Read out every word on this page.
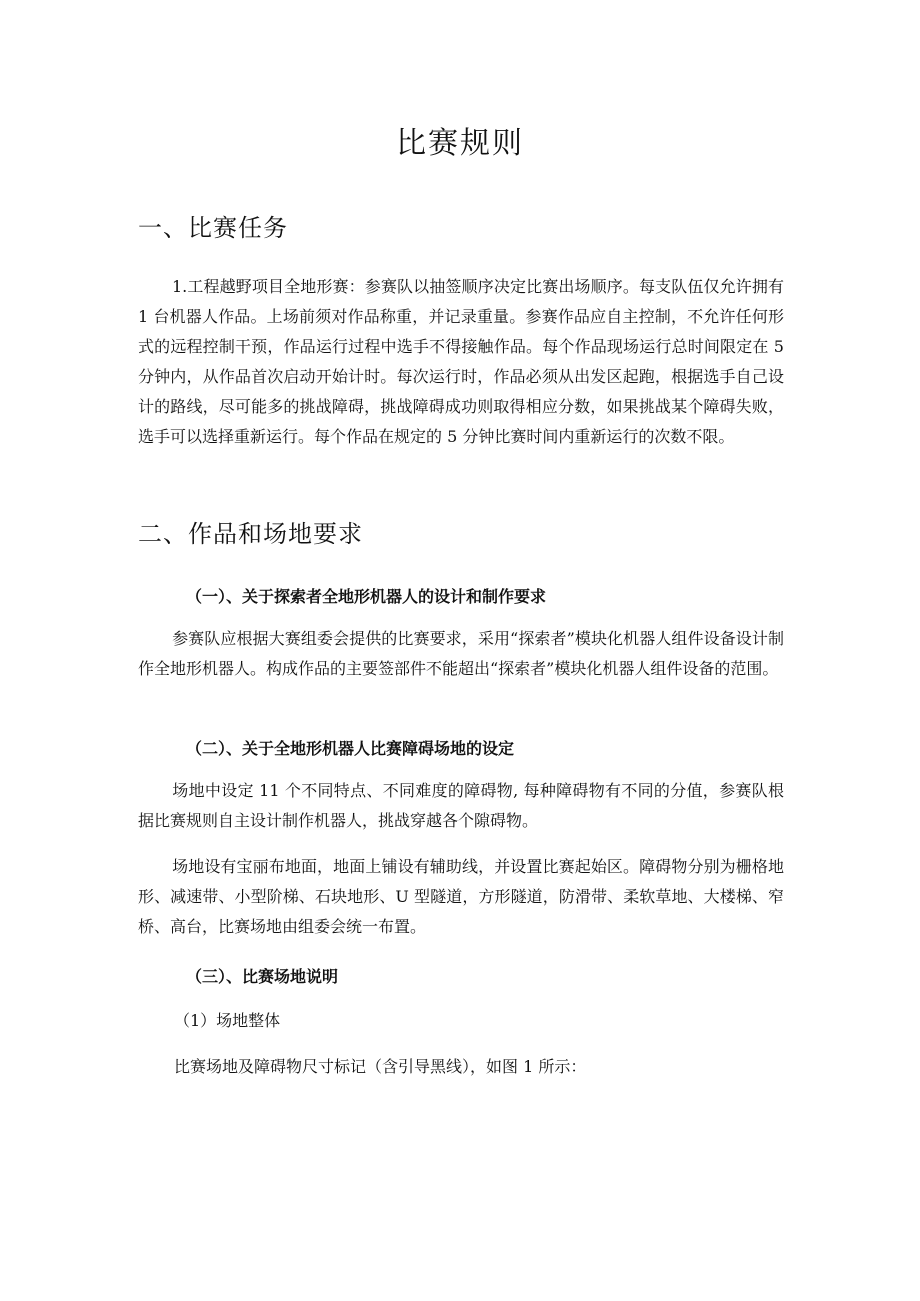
比赛规则
一、比赛任务
1.工程越野项目全地形赛：参赛队以抽签顺序决定比赛出场顺序。每支队伍仅允许拥有 1 台机器人作品。上场前须对作品称重，并记录重量。参赛作品应自主控制，不允许任何形式的远程控制干预，作品运行过程中选手不得接触作品。每个作品现场运行总时间限定在 5 分钟内，从作品首次启动开始计时。每次运行时，作品必须从出发区起跑，根据选手自己设计的路线，尽可能多的挑战障碍，挑战障碍成功则取得相应分数，如果挑战某个障碍失败，选手可以选择重新运行。每个作品在规定的 5 分钟比赛时间内重新运行的次数不限。
二、作品和场地要求
（一）、关于探索者全地形机器人的设计和制作要求
参赛队应根据大赛组委会提供的比赛要求，采用“探索者”模块化机器人组件设备设计制作全地形机器人。构成作品的主要签部件不能超出“探索者”模块化机器人组件设备的范围。
（二）、关于全地形机器人比赛障碍场地的设定
场地中设定 11 个不同特点、不同难度的障碍物, 每种障碍物有不同的分值，参赛队根据比赛规则自主设计制作机器人，挑战穿越各个隙碍物。
场地设有宝丽布地面，地面上铺设有辅助线，并设置比赛起始区。障碍物分别为栅格地形、减速带、小型阶梯、石块地形、U 型隧道，方形隧道，防滑带、柔软草地、大楼梯、窄桥、高台，比赛场地由组委会统一布置。
（三）、比赛场地说明
（1）场地整体
比赛场地及障碍物尺寸标记（含引导黑线），如图 1 所示：
